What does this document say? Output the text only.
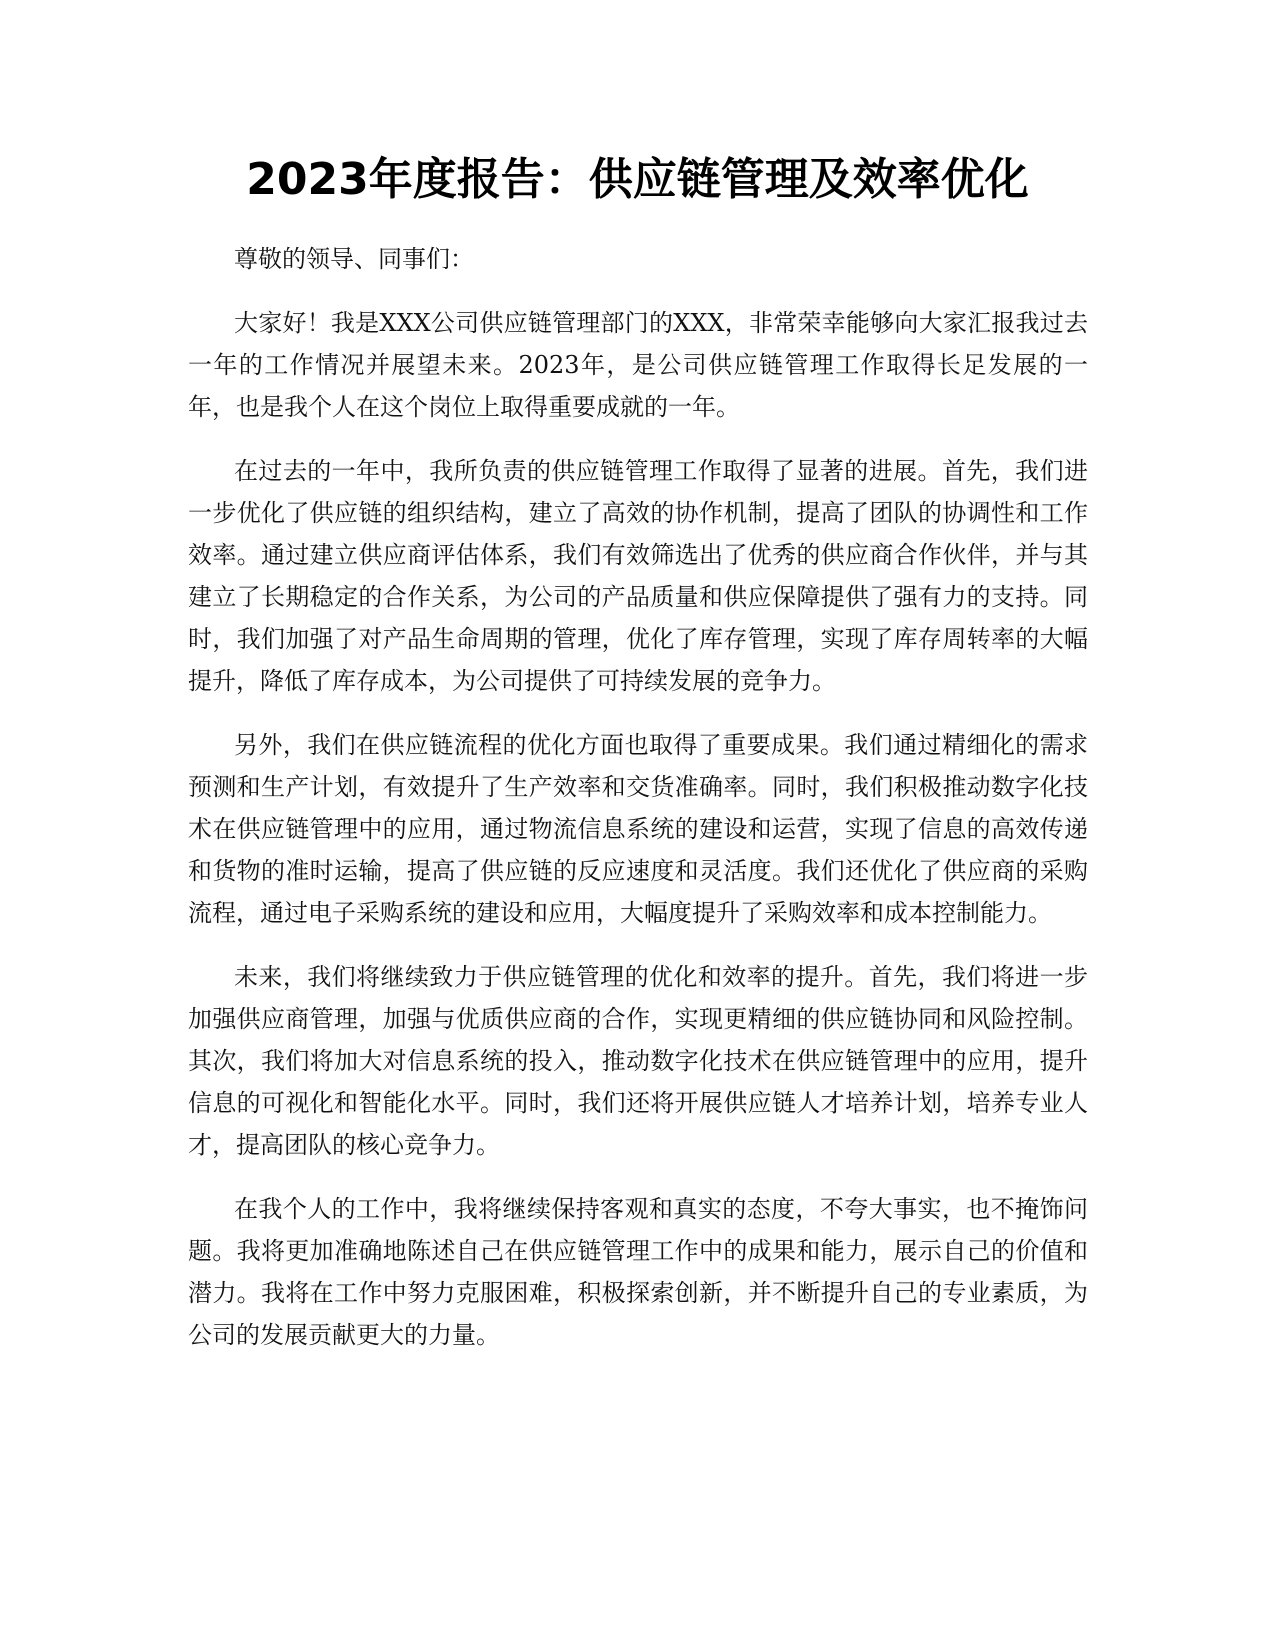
2023年度报告：供应链管理及效率优化

尊敬的领导、同事们：

大家好！我是XXX公司供应链管理部门的XXX，非常荣幸能够向大家汇报我过去一年的工作情况并展望未来。2023年，是公司供应链管理工作取得长足发展的一年，也是我个人在这个岗位上取得重要成就的一年。

在过去的一年中，我所负责的供应链管理工作取得了显著的进展。首先，我们进一步优化了供应链的组织结构，建立了高效的协作机制，提高了团队的协调性和工作效率。通过建立供应商评估体系，我们有效筛选出了优秀的供应商合作伙伴，并与其建立了长期稳定的合作关系，为公司的产品质量和供应保障提供了强有力的支持。同时，我们加强了对产品生命周期的管理，优化了库存管理，实现了库存周转率的大幅提升，降低了库存成本，为公司提供了可持续发展的竞争力。

另外，我们在供应链流程的优化方面也取得了重要成果。我们通过精细化的需求预测和生产计划，有效提升了生产效率和交货准确率。同时，我们积极推动数字化技术在供应链管理中的应用，通过物流信息系统的建设和运营，实现了信息的高效传递和货物的准时运输，提高了供应链的反应速度和灵活度。我们还优化了供应商的采购流程，通过电子采购系统的建设和应用，大幅度提升了采购效率和成本控制能力。

未来，我们将继续致力于供应链管理的优化和效率的提升。首先，我们将进一步加强供应商管理，加强与优质供应商的合作，实现更精细的供应链协同和风险控制。其次，我们将加大对信息系统的投入，推动数字化技术在供应链管理中的应用，提升信息的可视化和智能化水平。同时，我们还将开展供应链人才培养计划，培养专业人才，提高团队的核心竞争力。

在我个人的工作中，我将继续保持客观和真实的态度，不夸大事实，也不掩饰问题。我将更加准确地陈述自己在供应链管理工作中的成果和能力，展示自己的价值和潜力。我将在工作中努力克服困难，积极探索创新，并不断提升自己的专业素质，为公司的发展贡献更大的力量。
